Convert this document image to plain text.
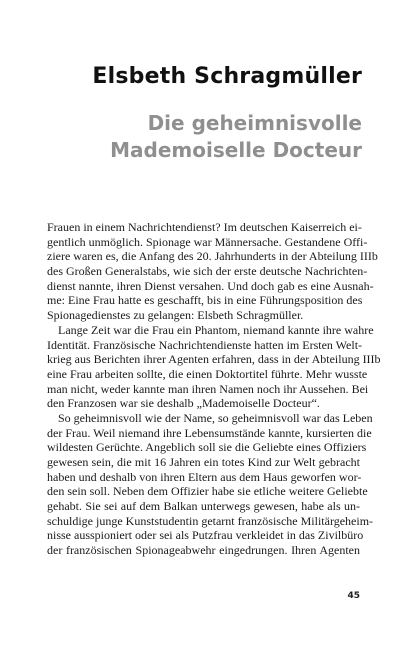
Elsbeth Schragmüller
Die geheimnisvolle
Mademoiselle Docteur
Frauen in einem Nachrichtendienst? Im deutschen Kaiserreich ei-
gentlich unmöglich. Spionage war Männersache. Gestandene Offi-
ziere waren es, die Anfang des 20. Jahrhunderts in der Abteilung IIIb
des Großen Generalstabs, wie sich der erste deutsche Nachrichten-
dienst nannte, ihren Dienst versahen. Und doch gab es eine Ausnah-
me: Eine Frau hatte es geschafft, bis in eine Führungsposition des
Spionagedienstes zu gelangen: Elsbeth Schragmüller.
Lange Zeit war die Frau ein Phantom, niemand kannte ihre wahre
Identität. Französische Nachrichtendienste hatten im Ersten Welt-
krieg aus Berichten ihrer Agenten erfahren, dass in der Abteilung IIIb
eine Frau arbeiten sollte, die einen Doktortitel führte. Mehr wusste
man nicht, weder kannte man ihren Namen noch ihr Aussehen. Bei
den Franzosen war sie deshalb „Mademoiselle Docteur“.
So geheimnisvoll wie der Name, so geheimnisvoll war das Leben
der Frau. Weil niemand ihre Lebensumstände kannte, kursierten die
wildesten Gerüchte. Angeblich soll sie die Geliebte eines Offiziers
gewesen sein, die mit 16 Jahren ein totes Kind zur Welt gebracht
haben und deshalb von ihren Eltern aus dem Haus geworfen wor-
den sein soll. Neben dem Offizier habe sie etliche weitere Geliebte
gehabt. Sie sei auf dem Balkan unterwegs gewesen, habe als un-
schuldige junge Kunststudentin getarnt französische Militärgeheim-
nisse ausspioniert oder sei als Putzfrau verkleidet in das Zivilbüro
der französischen Spionageabwehr eingedrungen. Ihren Agenten
45
